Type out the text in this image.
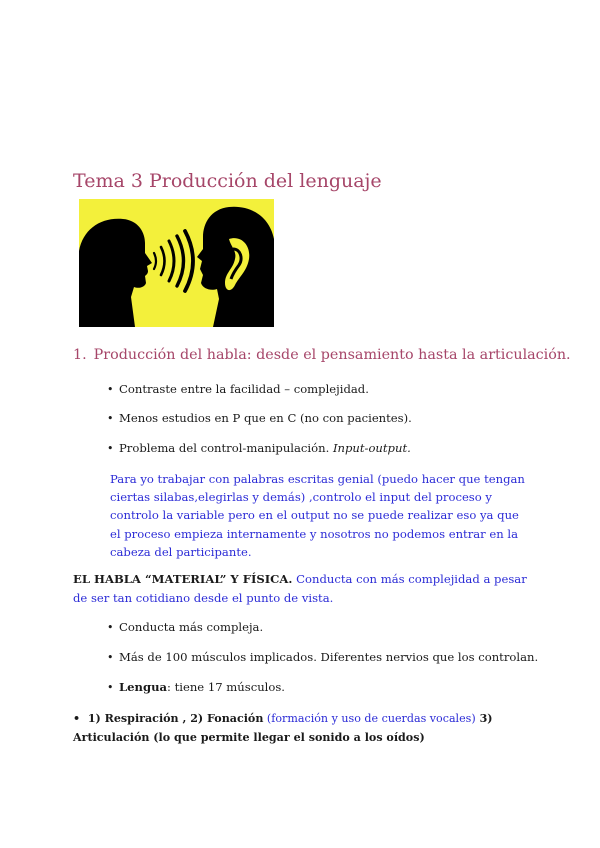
Tema 3 Producción del lenguaje
1. Producción del habla: desde el pensamiento hasta la articulación.
• Contraste entre la facilidad – complejidad.
• Menos estudios en P que en C (no con pacientes).
• Problema del control-manipulación. Input-output.

Para yo trabajar con palabras escritas genial (puedo hacer que tengan ciertas silabas,elegirlas y demás) ,controlo el input del proceso y controlo la variable pero en el output no se puede realizar eso ya que el proceso empieza internamente y nosotros no podemos entrar en la cabeza del participante.

EL HABLA “MATERIAL” Y FÍSICA. Conducta con más complejidad a pesar de ser tan cotidiano desde el punto de vista.

• Conducta más compleja.
• Más de 100 músculos implicados. Diferentes nervios que los controlan.
• Lengua: tiene 17 músculos.

• 1) Respiración , 2) Fonación (formación y uso de cuerdas vocales) 3) Articulación (lo que permite llegar el sonido a los oídos)
